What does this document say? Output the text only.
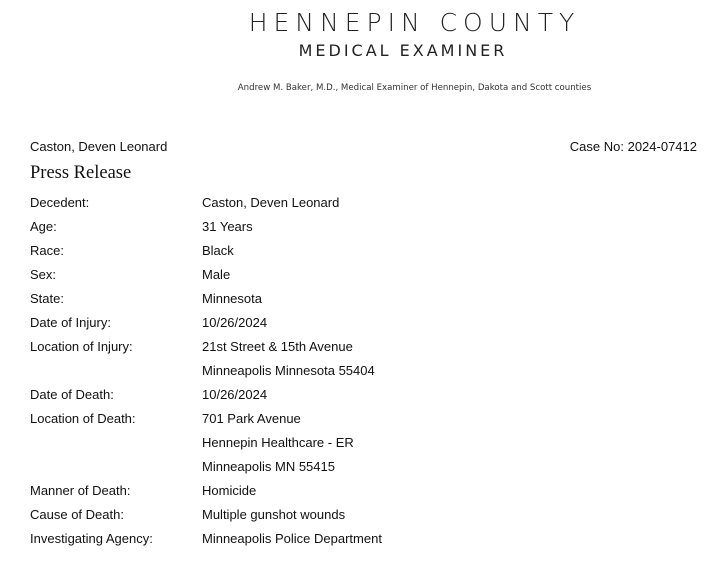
HENNEPIN COUNTY
MEDICAL EXAMINER
Andrew M. Baker, M.D., Medical Examiner of Hennepin, Dakota and Scott counties
Caston, Deven Leonard	Case No: 2024-07412
Press Release
Decedent:	Caston, Deven Leonard
Age:	31 Years
Race:	Black
Sex:	Male
State:	Minnesota
Date of Injury:	10/26/2024
Location of Injury:	21st Street & 15th Avenue
Minneapolis Minnesota 55404
Date of Death:	10/26/2024
Location of Death:	701 Park Avenue
Hennepin Healthcare - ER
Minneapolis MN 55415
Manner of Death:	Homicide
Cause of Death:	Multiple gunshot wounds
Investigating Agency:	Minneapolis Police Department
